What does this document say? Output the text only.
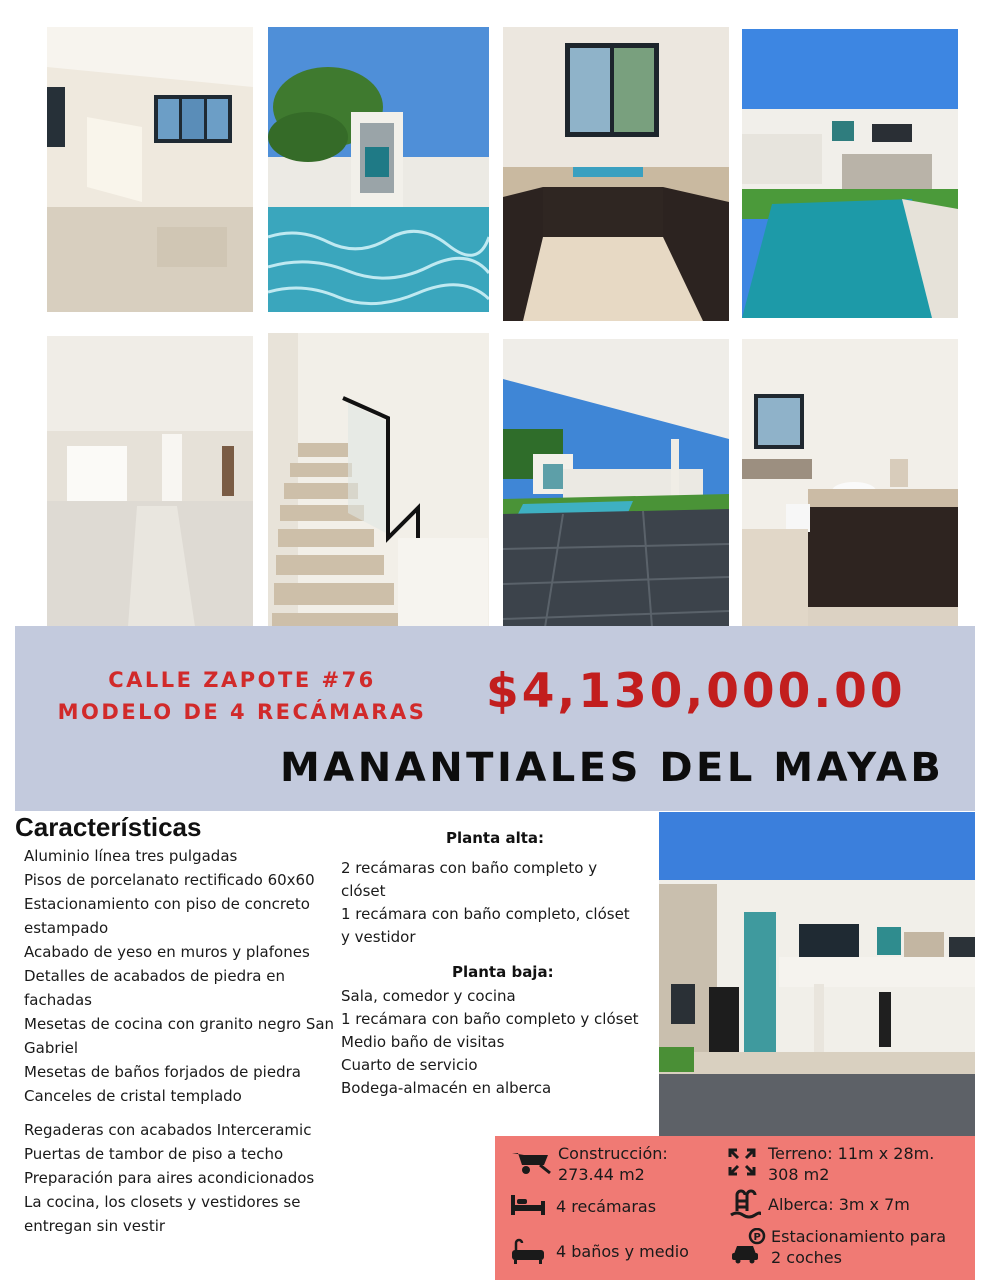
CALLE ZAPOTE #76
MODELO DE 4 RECÁMARAS	$4,130,000.00
MANANTIALES DEL MAYAB
Características
Aluminio línea tres pulgadas
Pisos de porcelanato rectificado 60x60
Estacionamiento con piso de concreto estampado
Acabado de yeso en muros y plafones
Detalles de acabados de piedra en fachadas
Mesetas de cocina con granito negro San Gabriel
Mesetas de baños forjados de piedra
Canceles de cristal templado
Regaderas con acabados Interceramic
Puertas de tambor de piso a techo
Preparación para aires acondicionados
La cocina, los closets y vestidores se entregan sin vestir
Planta alta:
2 recámaras con baño completo y clóset
1 recámara con baño completo, clóset y vestidor
Planta baja:
Sala, comedor y cocina
1 recámara con baño completo y clóset
Medio baño de visitas
Cuarto de servicio
Bodega-almacén en alberca
Construcción: 273.44 m2
Terreno: 11m x 28m. 308 m2
4 recámaras	Alberca: 3m x 7m
4 baños y medio
P Estacionamiento para 2 coches
